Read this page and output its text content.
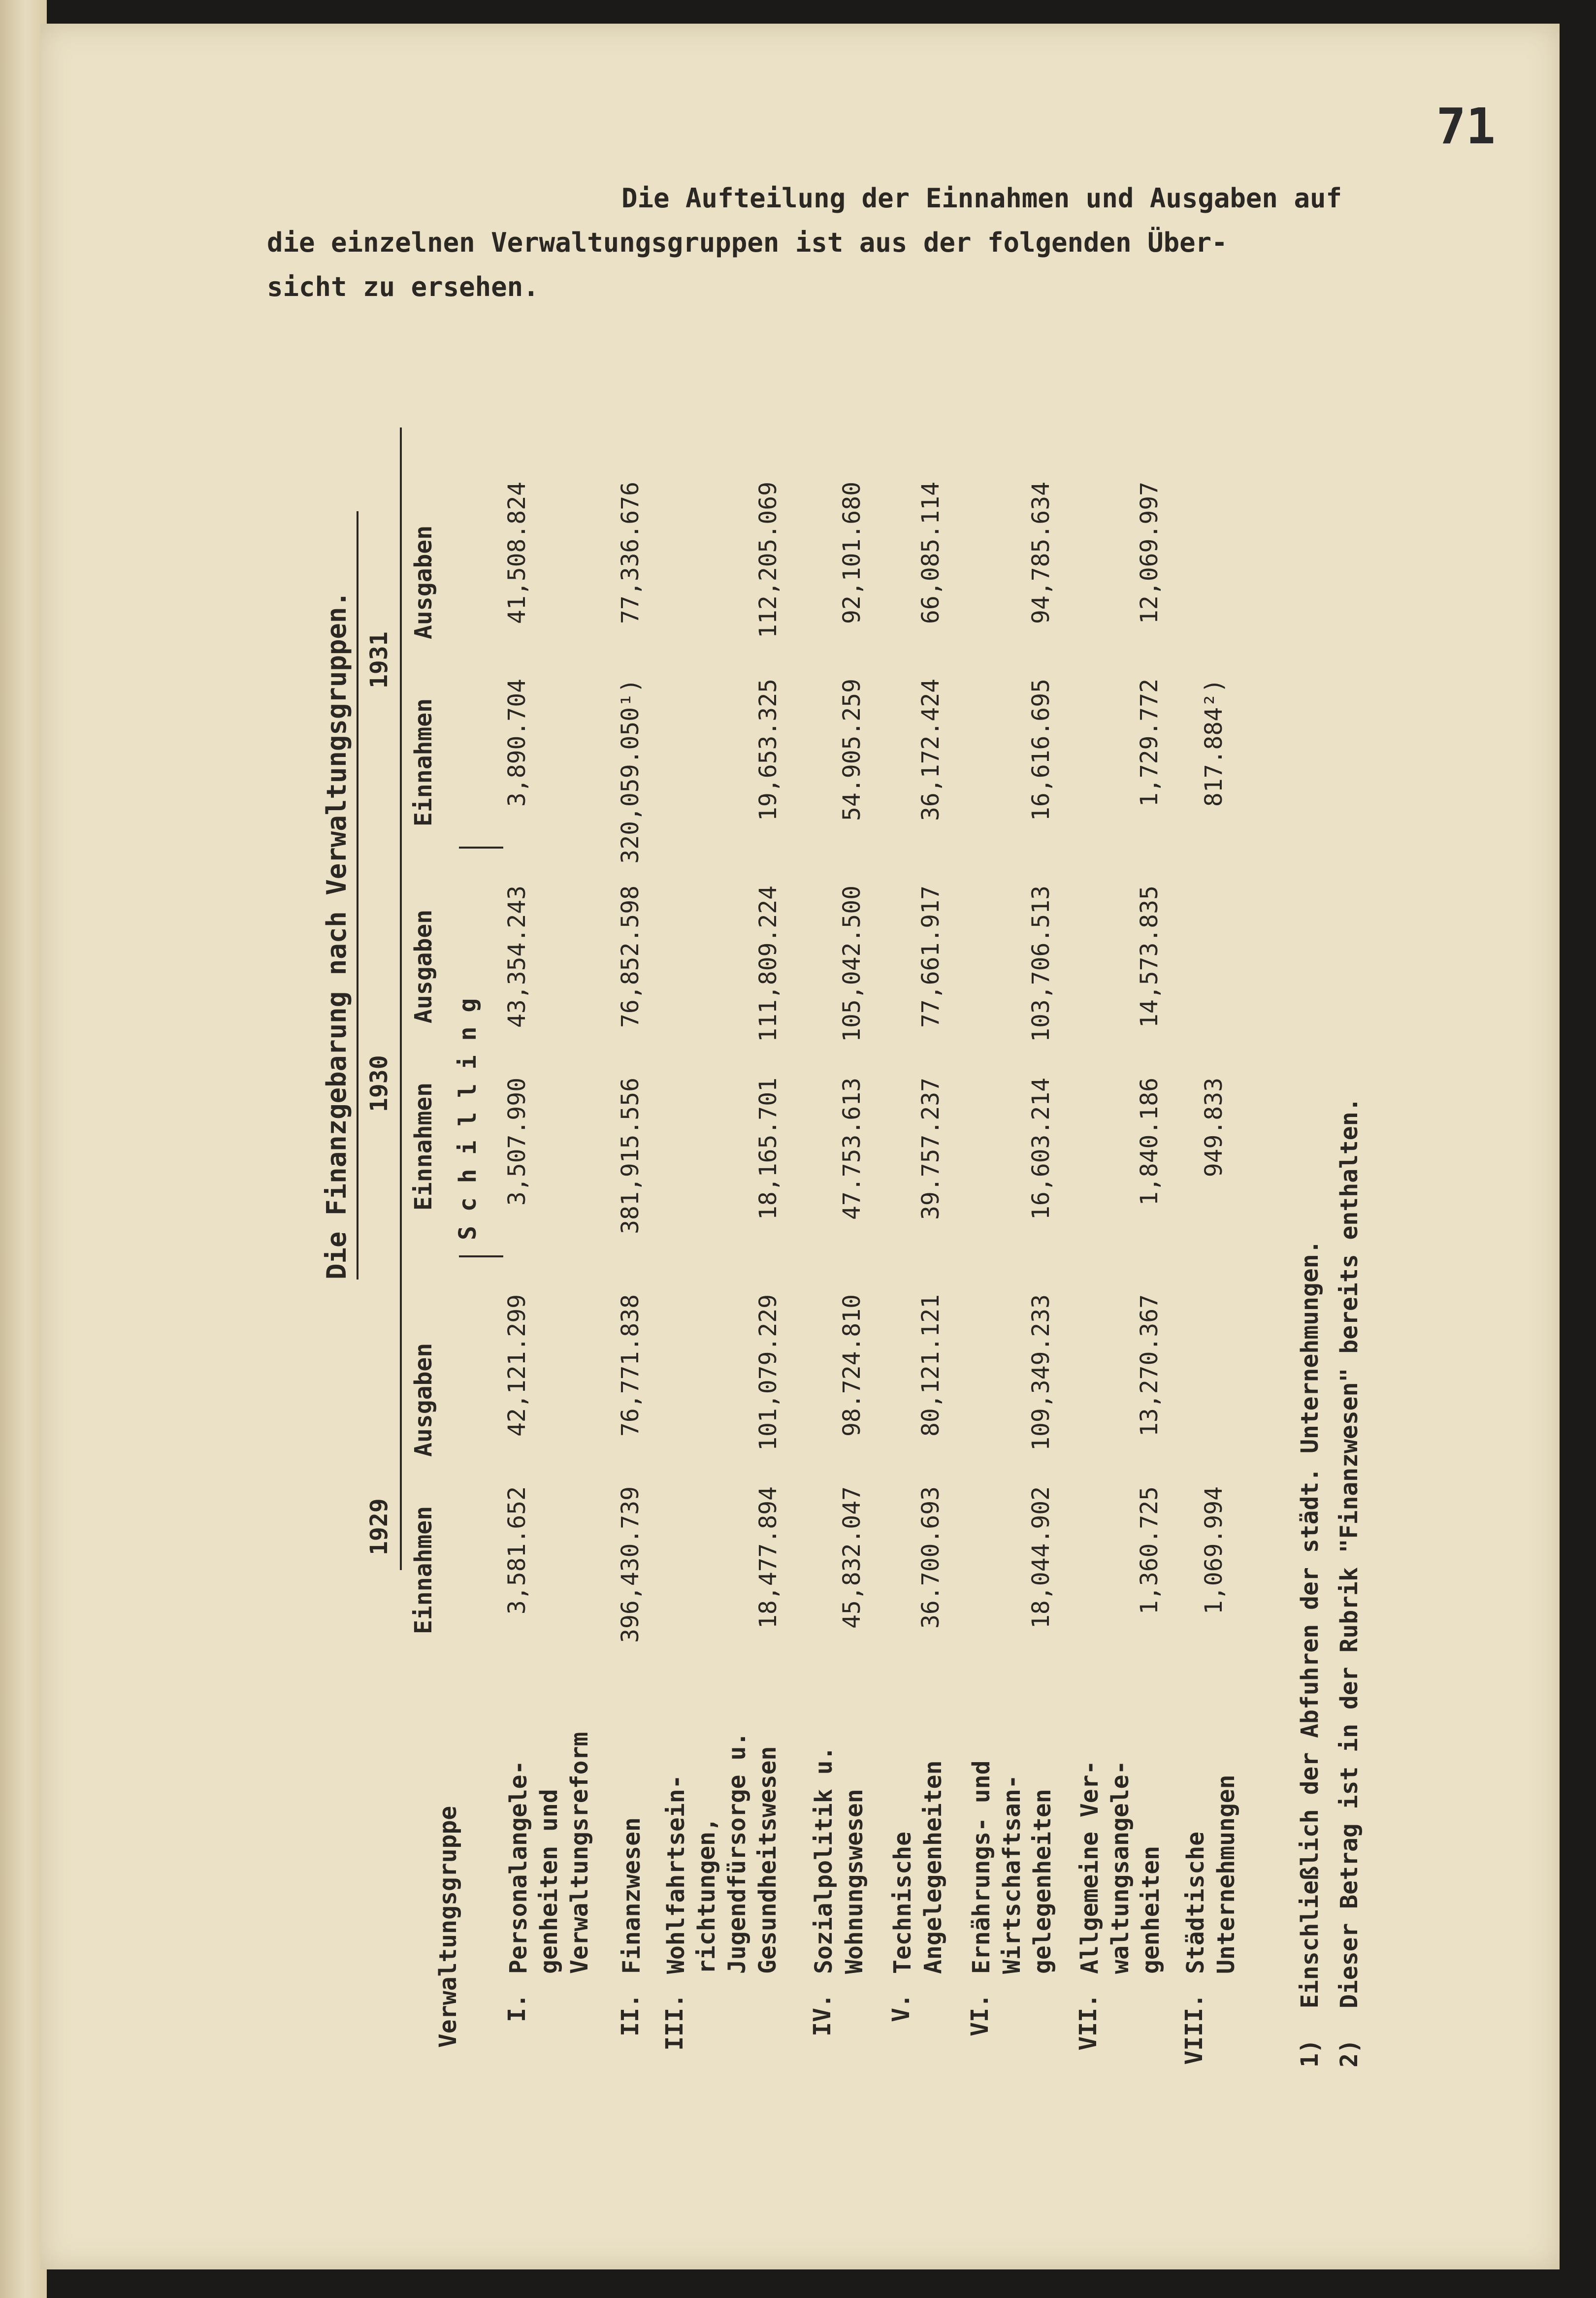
71

Die Aufteilung der Einnahmen und Ausgaben auf
die einzelnen Verwaltungsgruppen ist aus der folgenden Über-
sicht zu ersehen.

Die Finanzgebarung nach Verwaltungsgruppen.

Verwaltungsgruppe

1929

1930

1931

Einnahmen

Ausgaben

Einnahmen

Ausgaben

Einnahmen

Ausgaben

S c h i l l i n g

I.
Personalangele- genheiten und Verwaltungsreform
3,581.652
42,121.299
3,507.990
43,354.243
3,890.704
41,508.824
II.
Finanzwesen
396,430.739
76,771.838
381,915.556
76,852.598
320,059.050¹)
77,336.676
III.
Wohlfahrtsein- richtungen, Jugendfürsorge u. Gesundheitswesen
18,477.894
101,079.229
18,165.701
111,809.224
19,653.325
112,205.069
IV.
Sozialpolitik u. Wohnungswesen
45,832.047
98.724.810
47.753.613
105,042.500
54.905.259
92,101.680
V.
Technische Angelegenheiten
36.700.693
80,121.121
39.757.237
77,661.917
36,172.424
66,085.114
VI.
Ernährungs- und Wirtschaftsan- gelegenheiten
18,044.902
109,349.233
16,603.214
103,706.513
16,616.695
94,785.634
VII.
Allgemeine Ver- waltungsangele- genheiten
1,360.725
13,270.367
1,840.186
14,573.835
1,729.772
12,069.997
VIII.
Städtische Unternehmungen
1,069.994
949.833
817.884²)
1)Einschließlich der Abfuhren der städt. Unternehmungen.
2)Dieser Betrag ist in der Rubrik "Finanzwesen" bereits enthalten.
